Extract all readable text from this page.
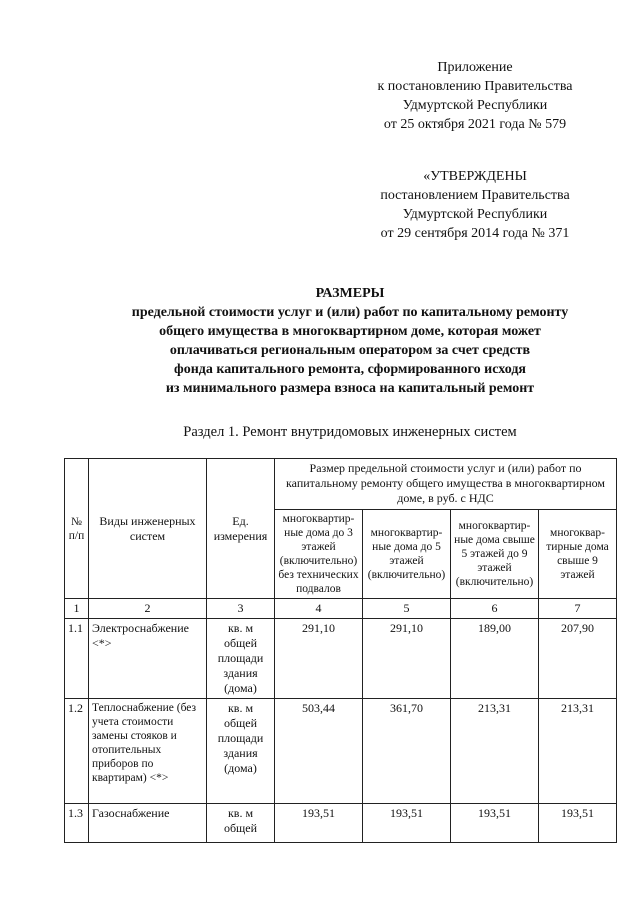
Приложение
к постановлению Правительства
Удмуртской Республики
от 25 октября 2021 года № 579
«УТВЕРЖДЕНЫ
постановлением Правительства
Удмуртской Республики
от 29 сентября 2014 года № 371
РАЗМЕРЫ
предельной стоимости услуг и (или) работ по капитальному ремонту
общего имущества в многоквартирном доме, которая может
оплачиваться региональным оператором за счет средств
фонда капитального ремонта, сформированного исходя
из минимального размера взноса на капитальный ремонт
Раздел 1. Ремонт внутридомовых инженерных систем
№ п/п	Виды инженерных систем	Ед. измерения	Размер предельной стоимости услуг и (или) работ по капитальному ремонту общего имущества в многоквартирном доме, в руб. с НДС			
			многоквартир-ные дома до 3 этажей (включительно) без технических подвалов	многоквартир-ные дома до 5 этажей (включительно)	многоквартир-ные дома свыше 5 этажей до 9 этажей (включительно)	многоквар-тирные дома свыше 9 этажей
1	2	3	4	5	6	7
1.1	Электроснабжение <*>	кв. м общей площади здания (дома)	291,10	291,10	189,00	207,90
1.2	Теплоснабжение (без учета стоимости замены стояков и отопительных приборов по квартирам) <*>	кв. м общей площади здания (дома)	503,44	361,70	213,31	213,31
1.3	Газоснабжение	кв. м общей	193,51	193,51	193,51	193,51
